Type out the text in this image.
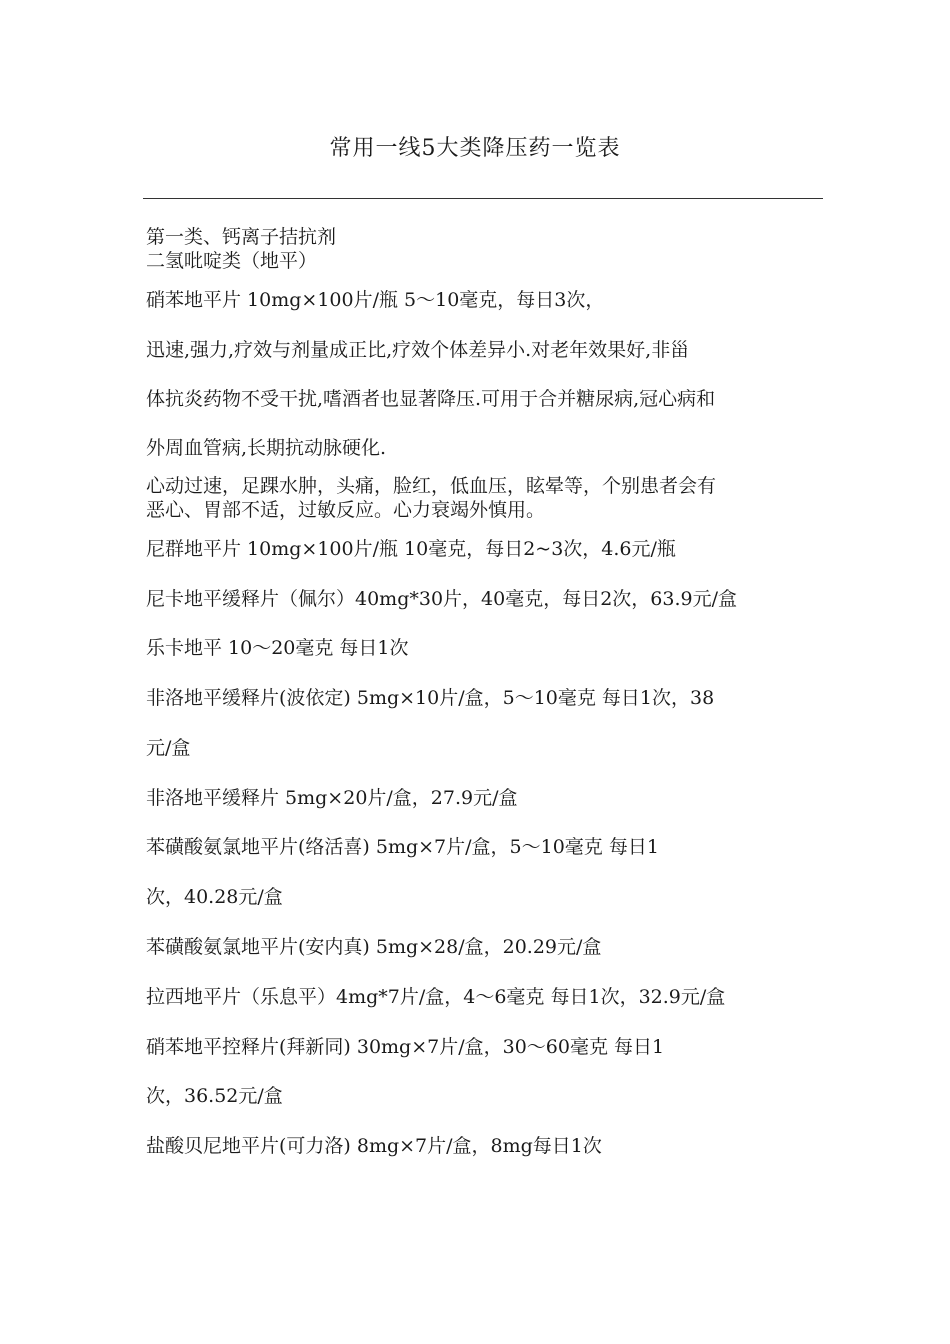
常用一线5大类降压药一览表
第一类、钙离子拮抗剂
二氢吡啶类（地平）
硝苯地平片 10mg×100片/瓶 5～10毫克，每日3次，
迅速,强力,疗效与剂量成正比,疗效个体差异小.对老年效果好,非甾
体抗炎药物不受干扰,嗜酒者也显著降压.可用于合并糖尿病,冠心病和
外周血管病,长期抗动脉硬化.
心动过速，足踝水肿，头痛，脸红，低血压，眩晕等，个别患者会有
恶心、胃部不适，过敏反应。心力衰竭外慎用。
尼群地平片 10mg×100片/瓶 10毫克，每日2~3次，4.6元/瓶
尼卡地平缓释片（佩尔）40mg*30片，40毫克，每日2次，63.9元/盒
乐卡地平 10～20毫克 每日1次
非洛地平缓释片(波依定) 5mg×10片/盒，5～10毫克 每日1次，38
元/盒
非洛地平缓释片 5mg×20片/盒，27.9元/盒
苯磺酸氨氯地平片(络活喜) 5mg×7片/盒，5～10毫克 每日1
次，40.28元/盒
苯磺酸氨氯地平片(安内真) 5mg×28/盒，20.29元/盒
拉西地平片（乐息平）4mg*7片/盒，4～6毫克 每日1次，32.9元/盒
硝苯地平控释片(拜新同) 30mg×7片/盒，30～60毫克 每日1
次，36.52元/盒
盐酸贝尼地平片(可力洛) 8mg×7片/盒，8mg每日1次
